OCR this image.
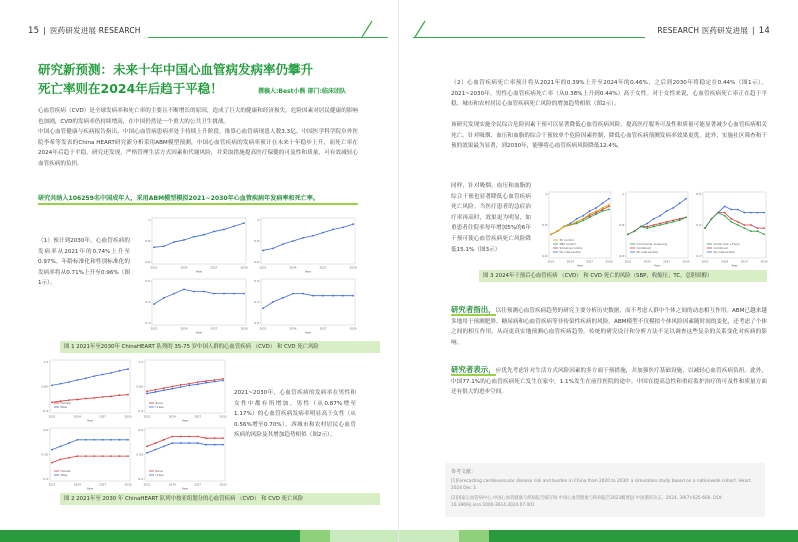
15 | 医药研发进展 RESEARCH
研究新预测：未来十年中国心血管病发病率仍攀升
死亡率则在2024年后趋于平稳！	撰稿人:Best小熊 部门:临床团队
心血管疾病（CVD）是全球发病率和死亡率的主要且不断增长的原因，造成了巨大的健康和经济损失。危险因素对居民健康的影响也加剧，CVD的发病率仍持续增高，在中国仍然是一个重大的公共卫生挑战。
中国心血管健康与疾病报告指出，中国心血管病患病率处于持续上升阶段。推算心血管病现患人数3.3亿。中国医学科学院阜外医院李希等发表的China HEART研究新分析采用ABM模型预测，中国心血管疾病的发病率预计在未来十年稳步上升，而死亡率在2024年后趋于平稳。研究还发现，严格管理生活方式因素和代谢风险，并采取措施提高医疗保健的可及性和质量，可有效减轻心血管疾病的负担。
研究共纳入106259名中国成年人，采用ABM模型模拟2021~2030年心血管疾病年发病率和死亡率。
（1）预计到2030年，心血管疾病的发病率从2021年的0.74%上升至0.97%。年龄标准化和性别标准化的发病率将从0.71%上升至0.96%（图1示）。
0.6
0.8
1
2021	2024	2027	2030
Year
0.6
0.8
1
2021	2024	2027	2030
Year
0.3
0.4
0.5
2021	2024	2027	2030
Year
0.3
0.4
0.5
2021	2024	2027	2030
Year
图 1 2021年至2030年 ChinaHEART 队列的 35-75 岁中国人群的心血管疾病 （CVD） 和 CVD 死亡风险
0.4
0.85
1.3
2021	2024	2027	2030
Year
Male
Female
0.4
0.85
1.3
2021	2024	2027	2030
Year
Urban
Rural
0.2
0.35
0.5
2021	2024	2027	2030
Year
Male
Female
0.2
0.35
0.5
2021	2024	2027	2030
Year
Urban
Rural
2021~2030年，心血管疾病的发病率在男性和女性中都有所增加。男性（从0.87%增至1.17%）的心血管疾病发病率明显高于女性（从0.56%增至0.70%）。西城市和农村居民心血管疾病的风险及其增加趋势相似（图2示）。
图 2 2021年至 2030 年 ChinaHEART 队列中按亚组划分的心血管疾病 （CVD） 和 CVD 死亡风险
RESEARCH 医药研发进展 | 14
（2）心血管疾病死亡率预计将从2021年的0.39%上升至2024年的0.46%，之后到2030年将稳定在0.44%（图1示）。2021~2030年，男性心血管疾病死亡率（从0.38%上升到0.44%）高于女性。对于女性来说，心血管疾病死亡率正在趋于平稳。城市和农村居民心血管疾病死亡风险的增加趋势相似（图2示）。
该研究发现实施全民综合危险因素干预可以显著降低心血管疾病风险，提高医疗服务可及性和质量可能显著减少心血管疾病相关死亡。针对吸烟、血压和血脂的综合干预较单个危险因素控制，降低心血管疾病预测发病率效果更优。此外，实施社区筛查和干预的效果最为显著，到2030年，能够将心血管疾病风险降低12.4%。
同样，针对吸烟、血压和血脂的综合干预也显著降低心血管疾病死亡风险。当医疗患者的急症治疗率再高时，效果更为明显，如重患者住院率每年增加5%的6年干预可使心血管疾病死亡风险降低15.1%（图3示）
0.6
0.8
1
2021	2024	2027	2030
Year
No intervention
Smoking control
SBP control
TC control
0.6
0.8
1
2021	2024	2027	2030
Year
No intervention
Combined
Community screening
0.3
0.4
0.5
2021	2024	2027	2030
Year
No intervention
Combined
Acute care +5%/yr
图 3 2024年干预后心血管疾病 （CVD） 和 CVD 死亡的风险（SBP，收缩压；TC，总胆固醇）
研究者指出，以往预测心血管疾病趋势的研究主要分析历史数据，而不考虑人群中个体之间的动态相互作用。ABM已越来越多地用于预测肥胖、糖尿病和心血管疾病等非传染性疾病的风险。ABM模型不仅模拟个体风险因素随时间的变化，还考虑了个体之间的相互作用，从而更真实地预测心血管疾病趋势。传统的研究设计和分析方法不足以调查这些复杂的关系变化对疾病的影响。
研究者表示，应优先考虑针对生活方式风险因素的多方面干预措施，并加强医疗基础设施，以减轻心血管疾病负担。此外，中国77.1%的心血管疾病死亡发生在家中，1.1%发生在前往医院的途中。中国在提高急性和重症监护治疗的可及性和质量方面还有很大的进步空间。
参考文献：
[1]Forecasting cardiovascular disease risk and burden in China from 2020 to 2030: a simulation study based on a nationwide cohort. Heart. 2024 Dec 3.
[2]国家心血管病中心.中国心血管健康与疾病报告编写组.中国心血管健康与疾病报告2023概要[J].中国循环杂志，2024, 39(7):625-660. DOI: 10.3969/j.issn.1000-3614.2024.07.001
